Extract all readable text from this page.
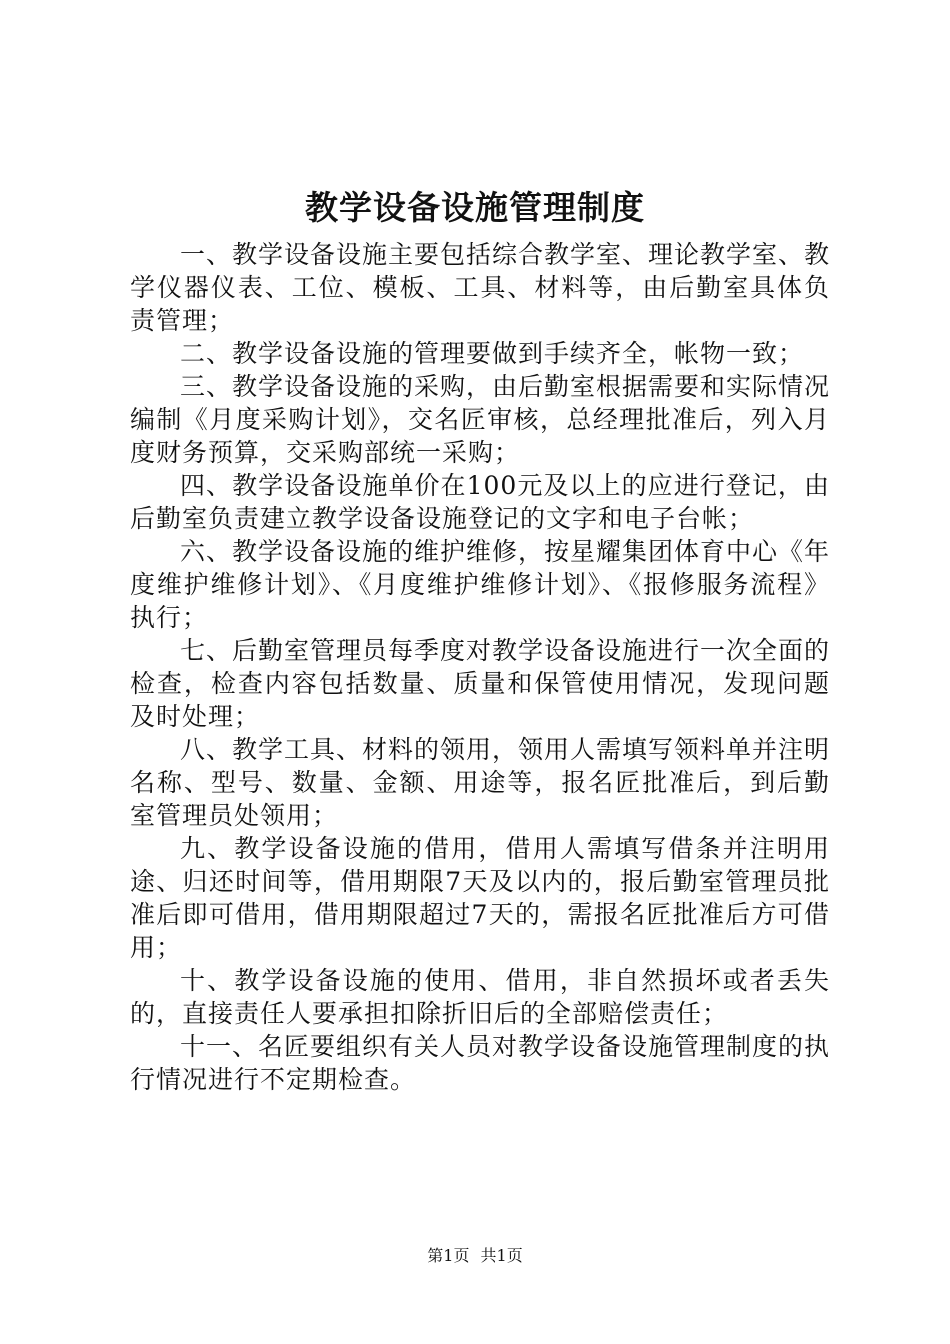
教学设备设施管理制度

一、教学设备设施主要包括综合教学室、理论教学室、教学仪器仪表、工位、模板、工具、材料等，由后勤室具体负责管理；

二、教学设备设施的管理要做到手续齐全，帐物一致；

三、教学设备设施的采购，由后勤室根据需要和实际情况编制《月度采购计划》，交名匠审核，总经理批准后，列入月度财务预算，交采购部统一采购；

四、教学设备设施单价在100元及以上的应进行登记，由后勤室负责建立教学设备设施登记的文字和电子台帐；

六、教学设备设施的维护维修，按星耀集团体育中心《年度维护维修计划》、《月度维护维修计划》、《报修服务流程》执行；

七、后勤室管理员每季度对教学设备设施进行一次全面的检查，检查内容包括数量、质量和保管使用情况，发现问题及时处理；

八、教学工具、材料的领用，领用人需填写领料单并注明名称、型号、数量、金额、用途等，报名匠批准后，到后勤室管理员处领用；

九、教学设备设施的借用，借用人需填写借条并注明用途、归还时间等，借用期限7天及以内的，报后勤室管理员批准后即可借用，借用期限超过7天的，需报名匠批准后方可借用；

十、教学设备设施的使用、借用，非自然损坏或者丢失的，直接责任人要承担扣除折旧后的全部赔偿责任；

十一、名匠要组织有关人员对教学设备设施管理制度的执行情况进行不定期检查。

第1页 共1页
